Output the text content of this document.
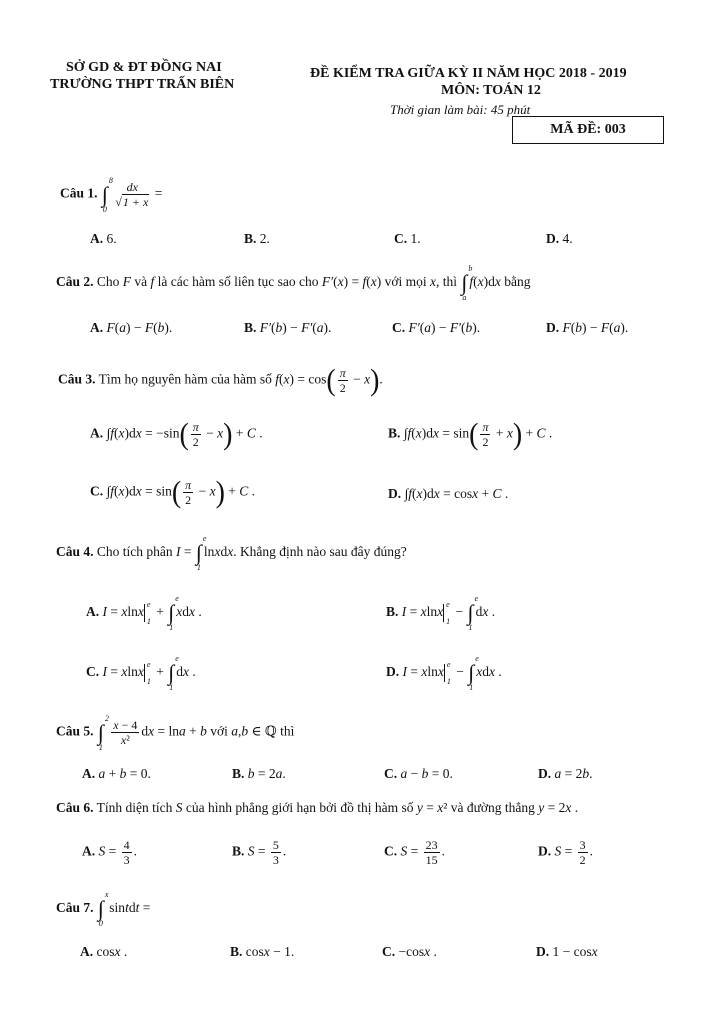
SỞ GD & ĐT ĐỒNG NAI
TRƯỜNG THPT TRẤN BIÊN
ĐỀ KIỂM TRA GIỮA KỲ II NĂM HỌC 2018 - 2019
MÔN: TOÁN 12
Thời gian làm bài: 45 phút
MÃ ĐỀ: 003
Câu 1. ∫
8
0
$\frac{dx}{√1 + x}$ =
A. 6.	B. 2.	C. 1.	D. 4.
Câu 2. Cho F và f là các hàm số liên tục sao cho F′(x) = f(x) với mọi x, thì ∫
b
a
f(x)dx bằng
A. F(a) − F(b).	B. F′(b) − F′(a).	C. F′(a) − F′(b).	D. F(b) − F(a).
Câu 3. Tìm họ nguyên hàm của hàm số $f(x) = \cos( \frac{\pi}{2} - x)$.
A. $\int f(x)dx = -\sin( \frac{\pi}{2} - x) + C$ .	B. $\int f(x)dx = \sin( \frac{\pi}{2} + x) + C$ .
C. $\int f(x)dx = \sin( \frac{\pi}{2} - x) + C$ .	D. ∫f(x)dx = cosx + C .
Câu 4. Cho tích phân I = ∫
e
1
lnxdx. Khẳng định nào sau đây đúng?
A. I = xlnx e
1
+ ∫
e
1
xdx .	B. I = xlnx e
1
− ∫
e
1
dx .
C. I = xlnx e
1
+ ∫
e
1
dx .	D. I = xlnx e
1
− ∫
e
1
xdx .
Câu 5. ∫
2
1
$\frac{x - 4}{\text{x²}}$ dx = lna + b với a,b ∈ ℚ thì
A. a + b = 0.	B. b = 2a.	C. a − b = 0.	D. a = 2b.
Câu 6. Tính diện tích S của hình phẳng giới hạn bởi đồ thị hàm số y = x² và đường thẳng y = 2x .
A. $S = \frac{4}{3}$ .	B. $S = \frac{5}{3}$ .	C. $S = \frac{23}{15}$ .	D. $S = \frac{3}{2}$ .
Câu 7. ∫
x
0
sintdt =
A. cosx .	B. cosx − 1.	C. −cosx .	D. 1 − cosx
